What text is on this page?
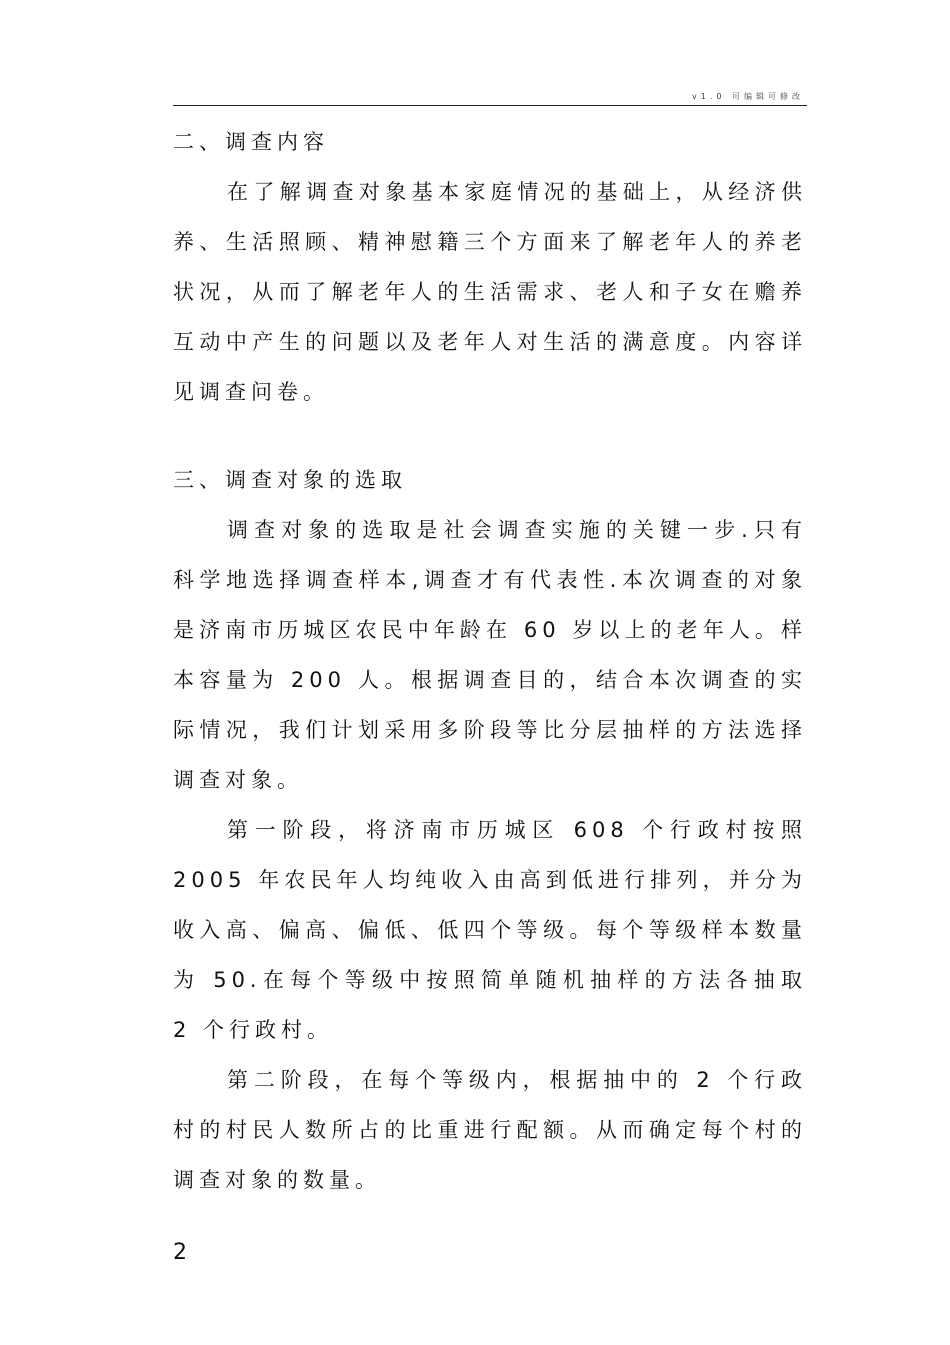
v1.0 可编辑可修改
二、调查内容

在了解调查对象基本家庭情况的基础上，从经济供养、生活照顾、精神慰籍三个方面来了解老年人的养老状况，从而了解老年人的生活需求、老人和子女在赡养互动中产生的问题以及老年人对生活的满意度。内容详见调查问卷。

三、调查对象的选取

调查对象的选取是社会调查实施的关键一步.只有科学地选择调查样本,调查才有代表性.本次调查的对象是济南市历城区农民中年龄在 60 岁以上的老年人。样本容量为 200 人。根据调查目的，结合本次调查的实际情况，我们计划采用多阶段等比分层抽样的方法选择调查对象。

第一阶段，将济南市历城区 608 个行政村按照 2005 年农民年人均纯收入由高到低进行排列，并分为收入高、偏高、偏低、低四个等级。每个等级样本数量为 50.在每个等级中按照简单随机抽样的方法各抽取 2 个行政村。

第二阶段，在每个等级内，根据抽中的 2 个行政村的村民人数所占的比重进行配额。从而确定每个村的调查对象的数量。

2
